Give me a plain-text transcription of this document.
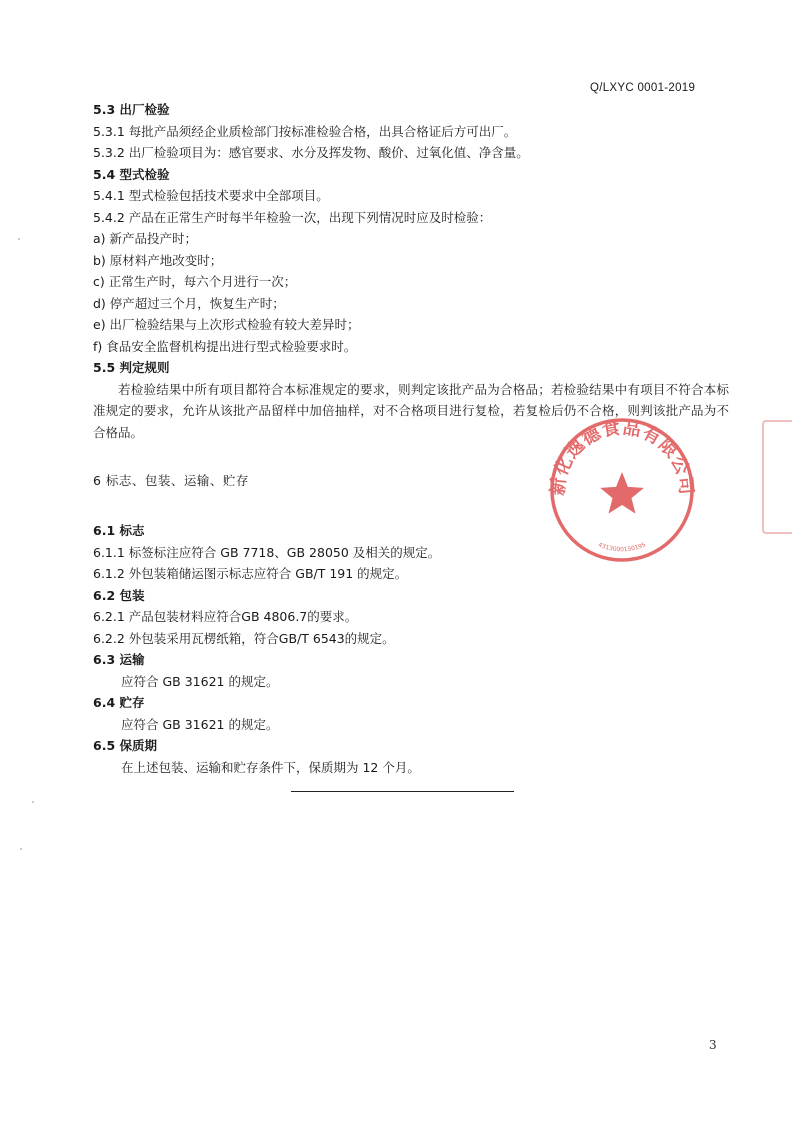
Q/LXYC 0001-2019
5.3 出厂检验
5.3.1 每批产品须经企业质检部门按标准检验合格，出具合格证后方可出厂。
5.3.2 出厂检验项目为：感官要求、水分及挥发物、酸价、过氧化值、净含量。
5.4 型式检验
5.4.1 型式检验包括技术要求中全部项目。
5.4.2 产品在正常生产时每半年检验一次，出现下列情况时应及时检验：
a) 新产品投产时；
b) 原材料产地改变时；
c) 正常生产时，每六个月进行一次；
d) 停产超过三个月，恢复生产时；
e) 出厂检验结果与上次形式检验有较大差异时；
f) 食品安全监督机构提出进行型式检验要求时。
5.5 判定规则
若检验结果中所有项目都符合本标准规定的要求，则判定该批产品为合格品；若检验结果中有项目不符合本标准规定的要求，允许从该批产品留样中加倍抽样，对不合格项目进行复检，若复检后仍不合格，则判该批产品为不合格品。
6 标志、包装、运输、贮存
6.1 标志
6.1.1 标签标注应符合 GB 7718、GB 28050 及相关的规定。
6.1.2 外包装箱储运图示标志应符合 GB/T 191 的规定。
6.2 包装
6.2.1 产品包装材料应符合GB 4806.7的要求。
6.2.2 外包装采用瓦楞纸箱，符合GB/T 6543的规定。
6.3 运输
应符合 GB 31621 的规定。
6.4 贮存
应符合 GB 31621 的规定。
6.5 保质期
在上述包装、运输和贮存条件下，保质期为 12 个月。
新化逸德食品有限公司
4313000150195
3
